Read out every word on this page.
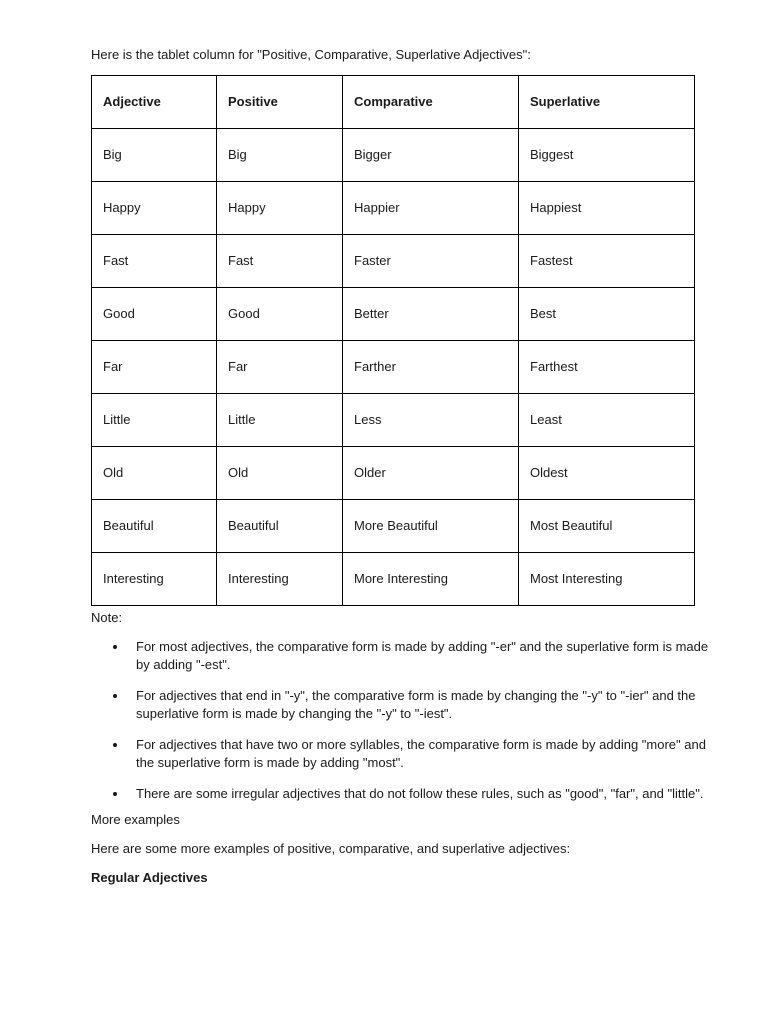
Here is the tablet column for "Positive, Comparative, Superlative Adjectives":

Adjective	Positive	Comparative	Superlative
Big	Big	Bigger	Biggest
Happy	Happy	Happier	Happiest
Fast	Fast	Faster	Fastest
Good	Good	Better	Best
Far	Far	Farther	Farthest
Little	Little	Less	Least
Old	Old	Older	Oldest
Beautiful	Beautiful	More Beautiful	Most Beautiful
Interesting	Interesting	More Interesting	Most Interesting

Note:

For most adjectives, the comparative form is made by adding "-er" and the superlative form is made by adding "-est".
For adjectives that end in "-y", the comparative form is made by changing the "-y" to "-ier" and the superlative form is made by changing the "-y" to "-iest".
For adjectives that have two or more syllables, the comparative form is made by adding "more" and the superlative form is made by adding "most".
There are some irregular adjectives that do not follow these rules, such as "good", "far", and "little".

More examples

Here are some more examples of positive, comparative, and superlative adjectives:

Regular Adjectives
